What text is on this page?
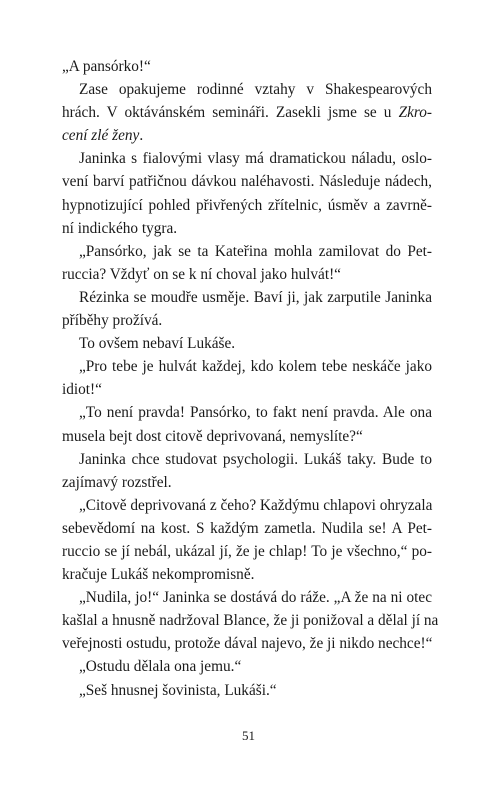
„A pansórko!“
Zase opakujeme rodinné vztahy v Shakespearových
hrách. V oktávánském semináři. Zasekli jsme se u Zkro-
cení zlé ženy.
Janinka s fialovými vlasy má dramatickou náladu, oslo-
vení barví patřičnou dávkou naléhavosti. Následuje nádech,
hypnotizující pohled přivřených zřítelnic, úsměv a zavrně-
ní indického tygra.
„Pansórko, jak se ta Kateřina mohla zamilovat do Pet-
ruccia? Vždyť on se k ní choval jako hulvát!“
Rézinka se moudře usměje. Baví ji, jak zarputile Janinka
příběhy prožívá.
To ovšem nebaví Lukáše.
„Pro tebe je hulvát každej, kdo kolem tebe neskáče jako
idiot!“
„To není pravda! Pansórko, to fakt není pravda. Ale ona
musela bejt dost citově deprivovaná, nemyslíte?“
Janinka chce studovat psychologii. Lukáš taky. Bude to
zajímavý rozstřel.
„Citově deprivovaná z čeho? Každýmu chlapovi ohryzala
sebevědomí na kost. S každým zametla. Nudila se! A Pet-
ruccio se jí nebál, ukázal jí, že je chlap! To je všechno,“ po-
kračuje Lukáš nekompromisně.
„Nudila, jo!“ Janinka se dostává do ráže. „A že na ni otec
kašlal a hnusně nadržoval Blance, že ji ponižoval a dělal jí na
veřejnosti ostudu, protože dával najevo, že ji nikdo nechce!“
„Ostudu dělala ona jemu.“
„Seš hnusnej šovinista, Lukáši.“
51
